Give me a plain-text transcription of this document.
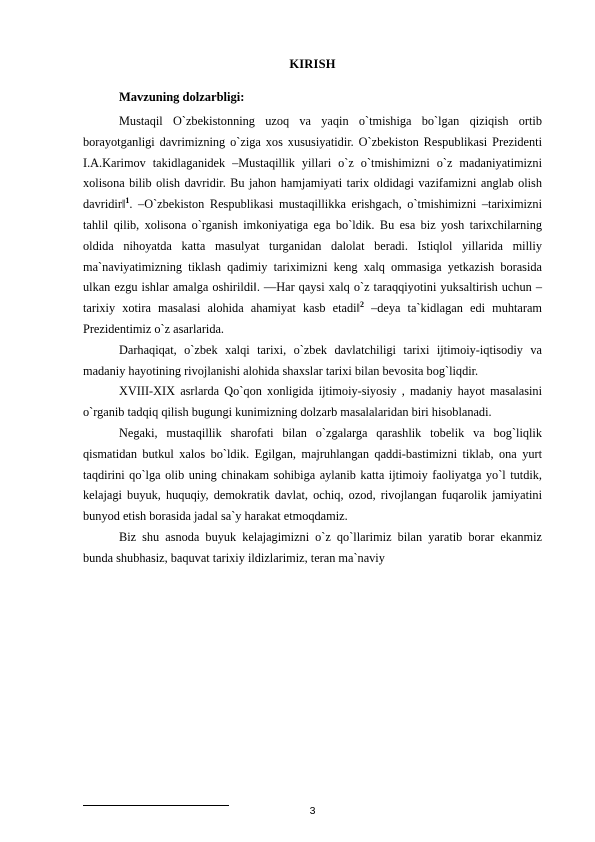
KIRISH
Mavzuning dolzarbligi:

Mustaqil O`zbekistonning uzoq va yaqin o`tmishiga bo`lgan qiziqish ortib borayotganligi davrimizning o`ziga xos xususiyatidir. O`zbekiston Respublikasi Prezidenti I.A.Karimov takidlaganidek –Mustaqillik yillari o`z o`tmishimizni o`z madaniyatimizni xolisona bilib olish davridir. Bu jahon hamjamiyati tarix oldidagi vazifamizni anglab olish davridir‖$^1$. –O`zbekiston Respublikasi mustaqillikka erishgach, o`tmishimizni –tariximizni tahlil qilib, xolisona o`rganish imkoniyatiga ega bo`ldik. Bu esa biz yosh tarixchilarning oldida nihoyatda katta masulyat turganidan dalolat beradi. Istiqlol yillarida milliy ma`naviyatimizning tiklash qadimiy tariximizni keng xalq ommasiga yetkazish borasida ulkan ezgu ishlar amalga oshirildi‖. ―Har qaysi xalq o`z taraqqiyotini yuksaltirish uchun –tarixiy xotira masalasi alohida ahamiyat kasb etadi‖$^2$ –deya ta`kidlagan edi muhtaram Prezidentimiz o`z asarlarida.

Darhaqiqat, o`zbek xalqi tarixi, o`zbek davlatchiligi tarixi ijtimoiy-iqtisodiy va madaniy hayotining rivojlanishi alohida shaxslar tarixi bilan bevosita bog`liqdir.

XVIII-XIX asrlarda Qo`qon xonligida ijtimoiy-siyosiy , madaniy hayot masalasini o`rganib tadqiq qilish bugungi kunimizning dolzarb masalalaridan biri hisoblanadi.

Negaki, mustaqillik sharofati bilan o`zgalarga qarashlik tobelik va bog`liqlik qismatidan butkul xalos bo`ldik. Egilgan, majruhlangan qaddi-bastimizni tiklab, ona yurt taqdirini qo`lga olib uning chinakam sohibiga aylanib katta ijtimoiy faoliyatga yo`l tutdik, kelajagi buyuk, huquqiy, demokratik davlat, ochiq, ozod, rivojlangan fuqarolik jamiyatini bunyod etish borasida jadal sa`y harakat etmoqdamiz.

Biz shu asnoda buyuk kelajagimizni o`z qo`llarimiz bilan yaratib borar ekanmiz bunda shubhasiz, baquvat tarixiy ildizlarimiz, teran ma`naviy

3
